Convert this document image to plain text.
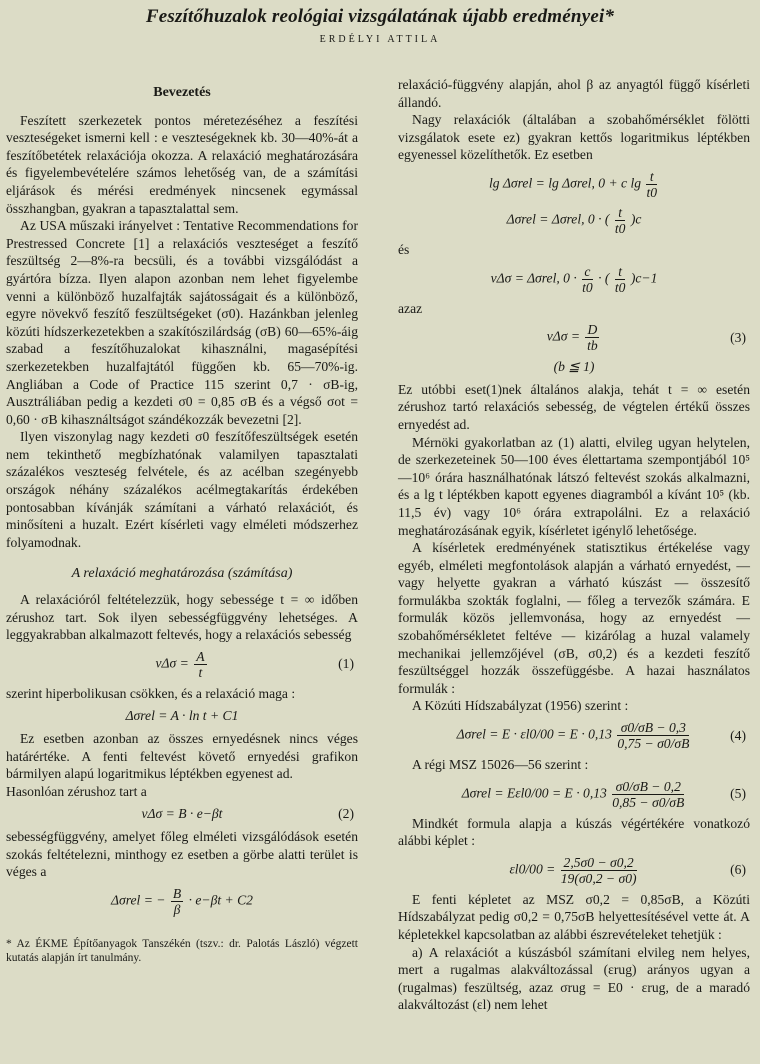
Feszítőhuzalok reológiai vizsgálatának újabb eredményei*
ERDÉLYI ATTILA
Bevezetés

Feszített szerkezetek pontos méretezéséhez a feszítési veszteségeket ismerni kell : e veszteségeknek kb. 30—40%-át a feszítőbetétek relaxációja okozza. A relaxáció meghatározására és figyelembevételére számos lehetőség van, de a számítási eljárások és mérési eredmények nincsenek egymással összhangban, gyakran a tapasztalattal sem.

Az USA műszaki irányelvet : Tentative Recommendations for Prestressed Concrete [1] a relaxációs veszteséget a feszítő feszültség 2—8%-ra becsüli, és a további vizsgálódást a gyártóra bízza. Ilyen alapon azonban nem lehet figyelembe venni a különböző huzalfajták sajátosságait és a különböző, egyre növekvő feszítő feszültségeket (σ0). Hazánkban jelenleg közúti hídszerkezetekben a szakítószilárdság (σB) 60—65%-áig szabad a feszítőhuzalokat kihasználni, magasépítési szerkezetekben huzalfajtától függően kb. 65—70%-ig. Angliában a Code of Practice 115 szerint 0,7 · σB-ig, Ausztráliában pedig a kezdeti σ0 = 0,85 σB és a végső σot = 0,60 · σB kihasználtságot szándékozzák bevezetni [2].

Ilyen viszonylag nagy kezdeti σ0 feszítőfeszültségek esetén nem tekinthető megbízhatónak valamilyen tapasztalati százalékos veszteség felvétele, és az acélban szegényebb országok néhány százalékos acélmegtakarítás érdekében pontosabban kívánják számítani a várható relaxációt, és minősíteni a huzalt. Ezért kísérleti vagy elméleti módszerhez folyamodnak.

A relaxáció meghatározása (számítása)

A relaxációról feltételezzük, hogy sebessége t = ∞ időben zérushoz tart. Sok ilyen sebességfüggvény lehetséges. A leggyakrabban alkalmazott feltevés, hogy a relaxációs sebesség

$v\Delta\sigma = \frac{A}{t}$	(1)

szerint hiperbolikusan csökken, és a relaxáció maga :

Δσrel = A · ln t + C1

Ez esetben azonban az összes ernyedésnek nincs véges határértéke. A fenti feltevést követő ernyedési grafikon bármilyen alapú logaritmikus léptékben egyenest ad.

Hasonlóan zérushoz tart a

vΔσ = B · e−βt	(2)

sebességfüggvény, amelyet főleg elméleti vizsgálódások esetén szokás feltételezni, minthogy ez esetben a görbe alatti terület is véges a

Δσrel = − $\frac{B}{\beta} \cdot e-\beta t + C2$
* Az ÉKME Építőanyagok Tanszékén (tszv.: dr. Palotás László) végzett kutatás alapján írt tanulmány.

relaxáció-függvény alapján, ahol β az anyagtól függő kísérleti állandó.

Nagy relaxációk (általában a szobahőmérséklet fölötti vizsgálatok esete ez) gyakran kettős logaritmikus léptékben egyenessel közelíthetők. Ez esetben

lg Δσrel = lg Δσrel, 0 + c $\lg \frac{t}{t0}$
Δσrel = Δσrel, 0 · ( $\frac{t}{t0} )c$

és

vΔσ = Δσrel, $0 \cdot \frac{c}{t0}$ · ( $\frac{t}{t0} )c-1$

azaz

$v\Delta\sigma = \frac{D}{tb}$	(3)
(b ≦ 1)

Ez utóbbi eset(1)nek általános alakja, tehát t = ∞ esetén zérushoz tartó relaxációs sebesség, de végtelen értékű összes ernyedést ad.

Mérnöki gyakorlatban az (1) alatti, elvileg ugyan helytelen, de szerkezeteinek 50—100 éves élettartama szempontjából 10⁵—10⁶ órára használhatónak látszó feltevést szokás alkalmazni, és a lg t léptékben kapott egyenes diagramból a kívánt 10⁵ (kb. 11,5 év) vagy 10⁶ órára extrapolálni. Ez a relaxáció meghatározásának egyik, kísérletet igénylő lehetősége.

A kísérletek eredményének statisztikus értékelése vagy egyéb, elméleti megfontolások alapján a várható ernyedést, — vagy helyette gyakran a várható kúszást — összesítő formulákba szokták foglalni, — főleg a tervezők számára. E formulák közös jellemvonása, hogy az ernyedést — szobahőmérsékletet feltéve — kizárólag a huzal valamely mechanikai jellemzőjével (σB, σ0,2) és a kezdeti feszítő feszültséggel hozzák összefüggésbe. A hazai használatos formulák :

A Közúti Hídszabályzat (1956) szerint :

$\Delta\sigma rel = E \cdot \varepsilon l0/00 = E \cdot 0,13 \frac{\sigma 0/\sigma B - 0,3}{0,75 - \sigma 0/\sigma B}$	(4)

A régi MSZ 15026—56 szerint :

$\Delta\sigma rel = E\varepsilon l0/00 = E \cdot 0,13 \frac{\sigma 0/\sigma B - 0,2}{0,85 - \sigma 0/\sigma B}$	(5)

Mindkét formula alapja a kúszás végértékére vonatkozó alábbi képlet :

$\varepsilon l0/00 = \frac{2,5\sigma 0 - \sigma 0,2}{19(\sigma 0,2 - \sigma 0)}$	(6)

E fenti képletet az MSZ σ0,2 = 0,85σB, a Közúti Hídszabályzat pedig σ0,2 = 0,75σB helyettesítésével vette át. A képletekkel kapcsolatban az alábbi észrevételeket tehetjük :

a) A relaxációt a kúszásból számítani elvileg nem helyes, mert a rugalmas alakváltozással (εrug) arányos ugyan a (rugalmas) feszültség, azaz σrug = E0 · εrug, de a maradó alakváltozást (εl) nem lehet
